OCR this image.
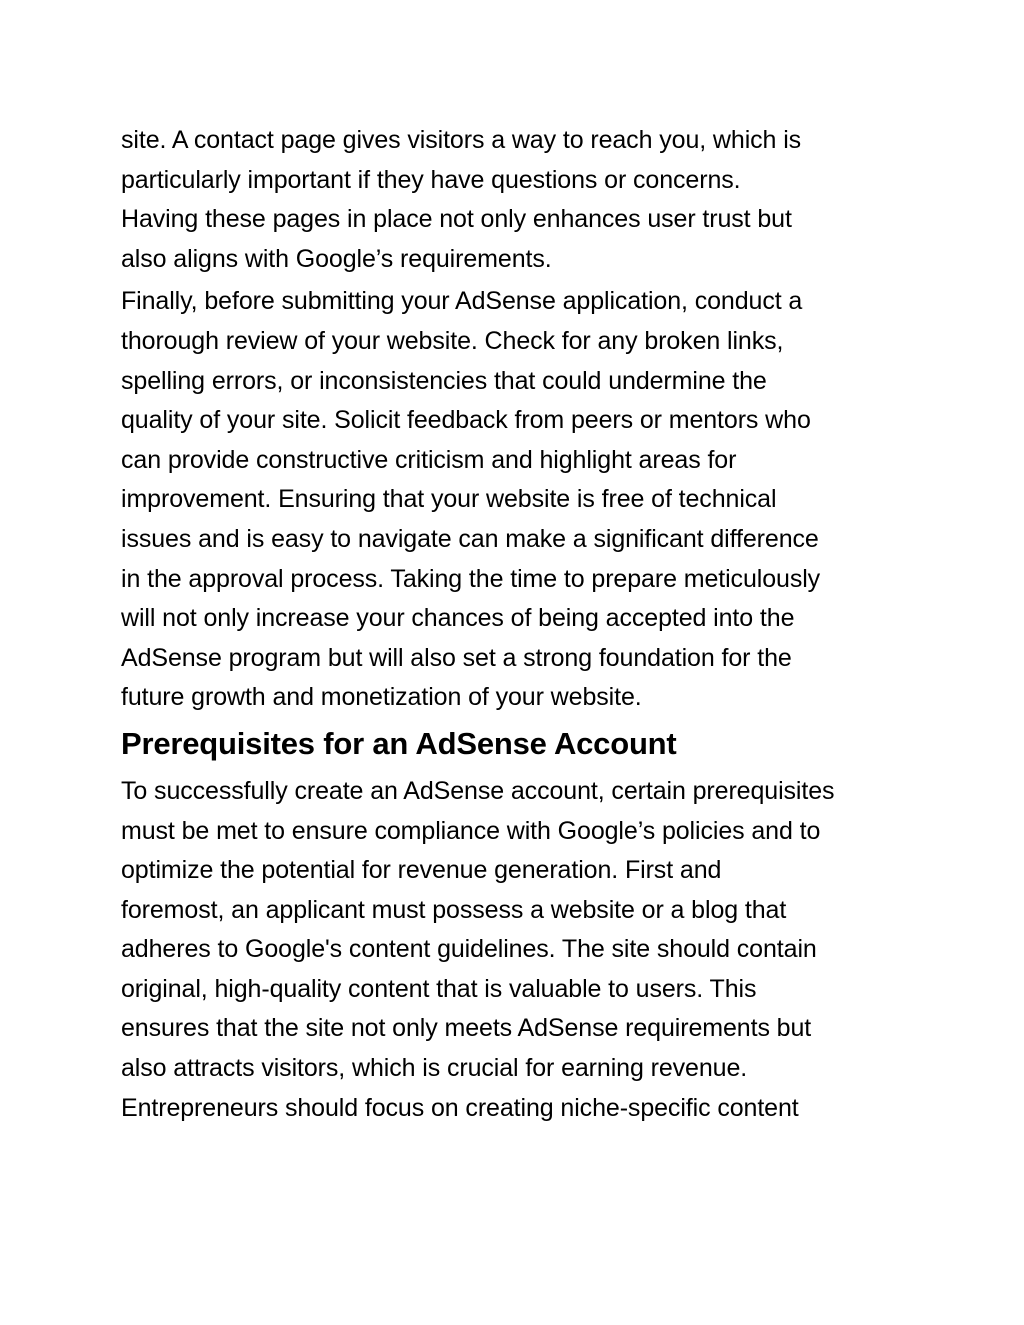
site. A contact page gives visitors a way to reach you, which is
particularly important if they have questions or concerns.
Having these pages in place not only enhances user trust but
also aligns with Google’s requirements.

Finally, before submitting your AdSense application, conduct a
thorough review of your website. Check for any broken links,
spelling errors, or inconsistencies that could undermine the
quality of your site. Solicit feedback from peers or mentors who
can provide constructive criticism and highlight areas for
improvement. Ensuring that your website is free of technical
issues and is easy to navigate can make a significant difference
in the approval process. Taking the time to prepare meticulously
will not only increase your chances of being accepted into the
AdSense program but will also set a strong foundation for the
future growth and monetization of your website.

Prerequisites for an AdSense Account

To successfully create an AdSense account, certain prerequisites
must be met to ensure compliance with Google’s policies and to
optimize the potential for revenue generation. First and
foremost, an applicant must possess a website or a blog that
adheres to Google's content guidelines. The site should contain
original, high-quality content that is valuable to users. This
ensures that the site not only meets AdSense requirements but
also attracts visitors, which is crucial for earning revenue.
Entrepreneurs should focus on creating niche-specific content
